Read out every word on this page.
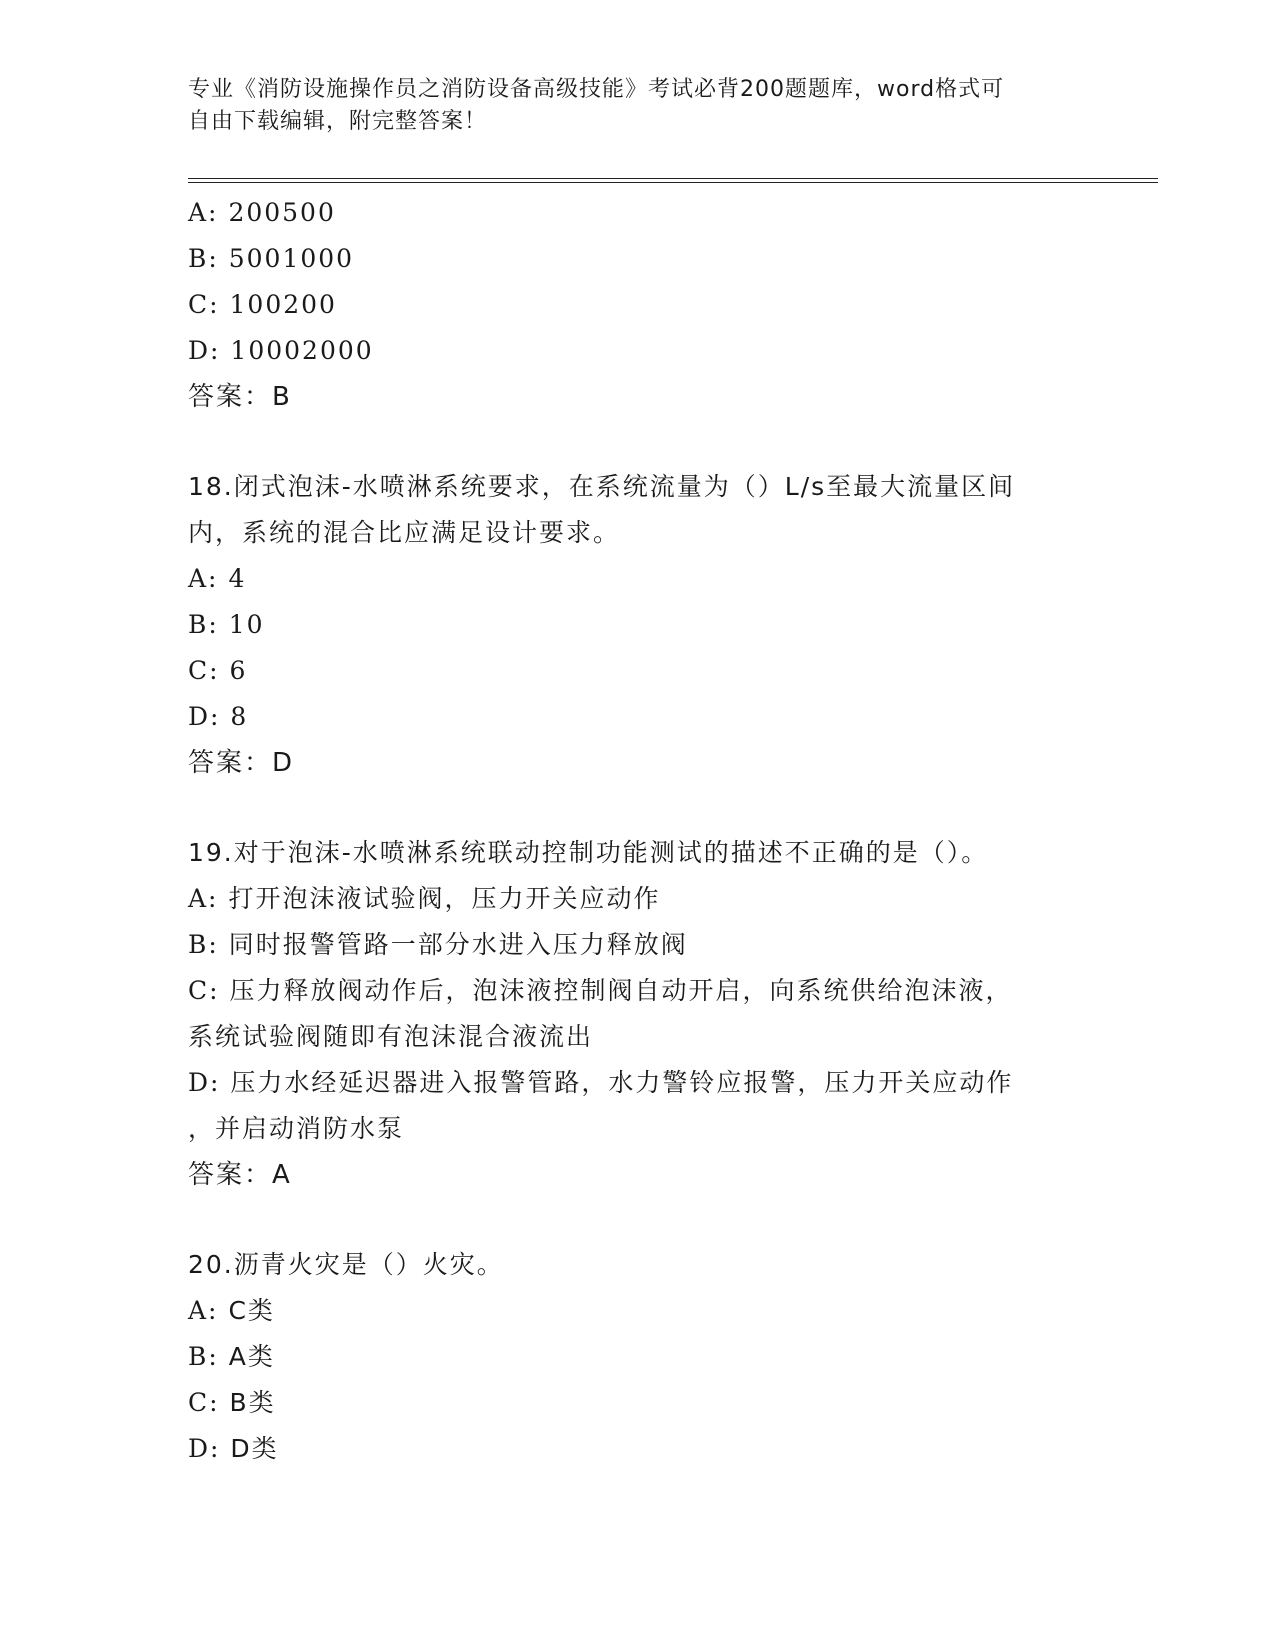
专业《消防设施操作员之消防设备高级技能》考试必背200题题库，word格式可
自由下载编辑，附完整答案！
A: 200500
B: 5001000
C: 100200
D: 10002000
答案：B
18.闭式泡沫-水喷淋系统要求，在系统流量为（）L/s至最大流量区间
内，系统的混合比应满足设计要求。
A: 4
B: 10
C: 6
D: 8
答案：D
19.对于泡沫-水喷淋系统联动控制功能测试的描述不正确的是（）。
A: 打开泡沫液试验阀，压力开关应动作
B: 同时报警管路一部分水进入压力释放阀
C: 压力释放阀动作后，泡沫液控制阀自动开启，向系统供给泡沫液，
系统试验阀随即有泡沫混合液流出
D: 压力水经延迟器进入报警管路，水力警铃应报警，压力开关应动作
，并启动消防水泵
答案：A
20.沥青火灾是（）火灾。
A: C类
B: A类
C: B类
D: D类
